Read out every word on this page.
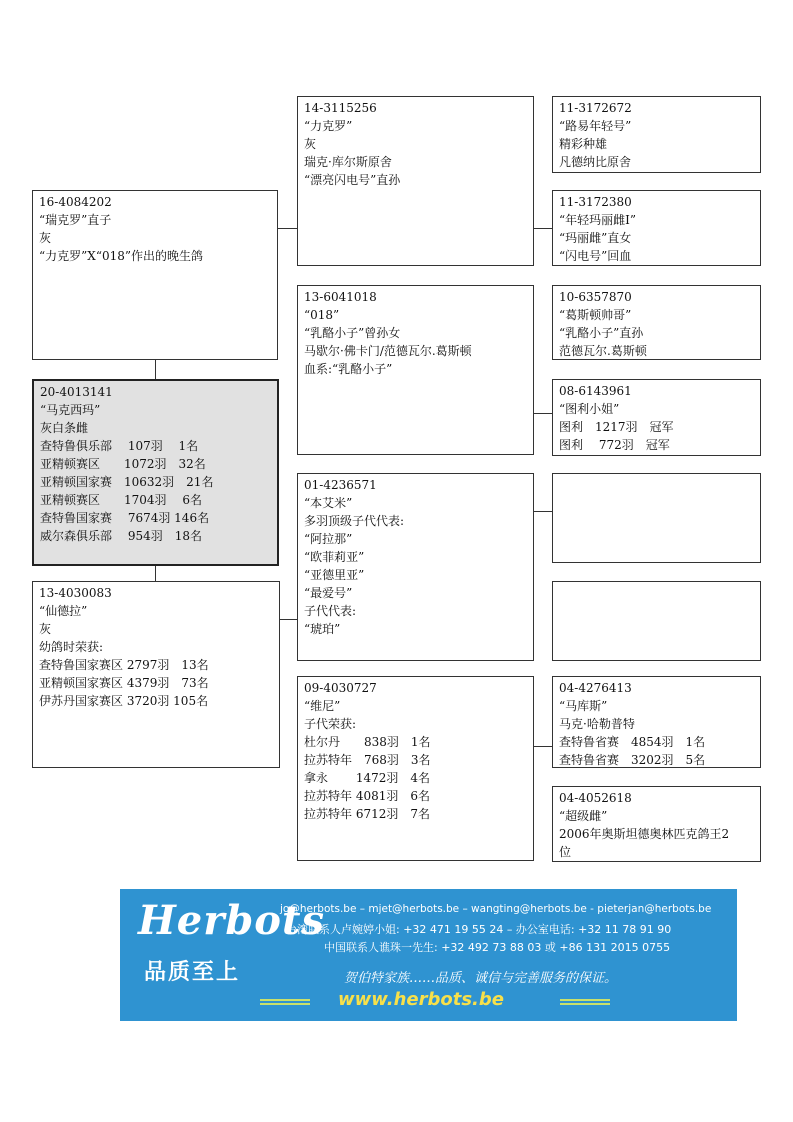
16-4084202
“瑞克罗”直子
灰
“力克罗”X“018”作出的晚生鸽
20-4013141
“马克西玛”
灰白条雌
查特鲁俱乐部　 107羽　 1名
亚精顿赛区　　1072羽　32名
亚精顿国家赛　10632羽　21名
亚精顿赛区　　1704羽　 6名
查特鲁国家赛　 7674羽 146名
威尔森俱乐部　 954羽　18名
13-4030083
“仙德拉”
灰
幼鸽时荣获:
查特鲁国家赛区 2797羽　13名
亚精顿国家赛区 4379羽　73名
伊苏丹国家赛区 3720羽 105名
14-3115256
“力克罗”
灰
瑞克·库尔斯原舍
“漂亮闪电号”直孙
13-6041018
“018”
“乳酪小子”曾孙女
马歇尔·佛卡门/范德瓦尔.葛斯顿
血系:“乳酪小子”
01-4236571
“本艾米”
多羽顶级子代代表:
“阿拉那”
“欧菲莉亚”
“亚德里亚”
“最爱号”
子代代表:
“琥珀”
09-4030727
“维尼”
子代荣获:
杜尔丹　　838羽　1名
拉苏特年　768羽　3名
拿永　　 1472羽　4名
拉苏特年 4081羽　6名
拉苏特年 6712羽　7名
11-3172672
“路易年轻号”
精彩种雄
凡德纳比原舍
11-3172380
“年轻玛丽雌Ⅰ”
“玛丽雌”直女
“闪电号”回血
10-6357870
“葛斯顿帅哥”
“乳酪小子”直孙
范德瓦尔.葛斯顿
08-6143961
“图利小姐”
图利　1217羽　冠军
图利　 772羽　冠军
04-4276413
“马库斯”
马克·哈勒普特
查特鲁省赛　4854羽　1名
查特鲁省赛　3202羽　5名
04-4052618
“超级雌”
2006年奥斯坦德奥林匹克鸽王2
位
Herbots
品质至上
jo@herbots.be – mjet@herbots.be – wangting@herbots.be - pieterjan@herbots.be
台湾联系人卢婉婷小姐: +32 471 19 55 24 – 办公室电话: +32 11 78 91 90
中国联系人谯珠一先生: +32 492 73 88 03 或 +86 131 2015 0755
贺伯特家族……品质、诚信与完善服务的保证。
www.herbots.be
